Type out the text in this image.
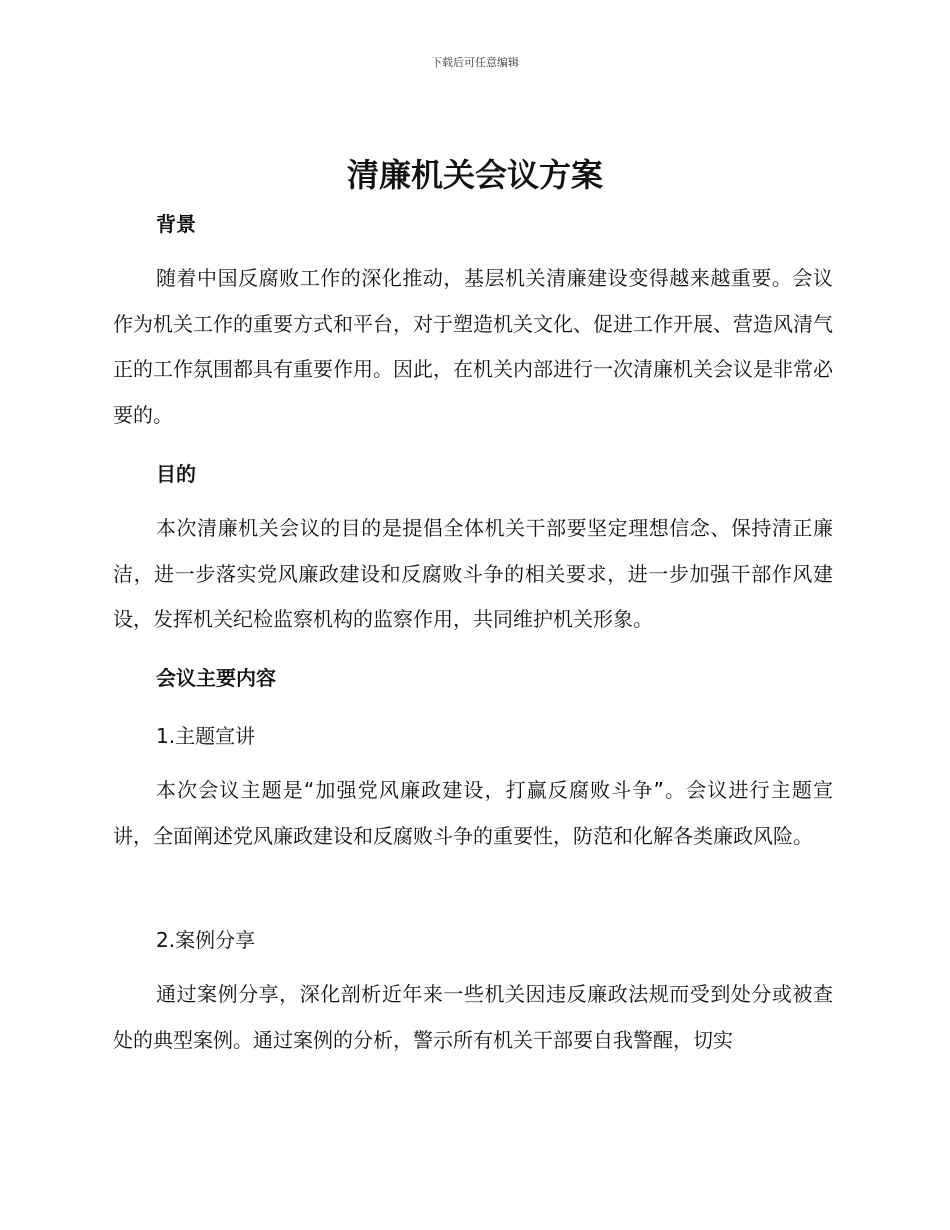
下载后可任意编辑
清廉机关会议方案
背景

随着中国反腐败工作的深化推动，基层机关清廉建设变得越来越重要。会议作为机关工作的重要方式和平台，对于塑造机关文化、促进工作开展、营造风清气正的工作氛围都具有重要作用。因此，在机关内部进行一次清廉机关会议是非常必要的。

目的

本次清廉机关会议的目的是提倡全体机关干部要坚定理想信念、保持清正廉洁，进一步落实党风廉政建设和反腐败斗争的相关要求，进一步加强干部作风建设，发挥机关纪检监察机构的监察作用，共同维护机关形象。

会议主要内容
1.主题宣讲

本次会议主题是“加强党风廉政建设，打赢反腐败斗争”。会议进行主题宣讲，全面阐述党风廉政建设和反腐败斗争的重要性，防范和化解各类廉政风险。

2.案例分享

通过案例分享，深化剖析近年来一些机关因违反廉政法规而受到处分或被查处的典型案例。通过案例的分析，警示所有机关干部要自我警醒，切实
